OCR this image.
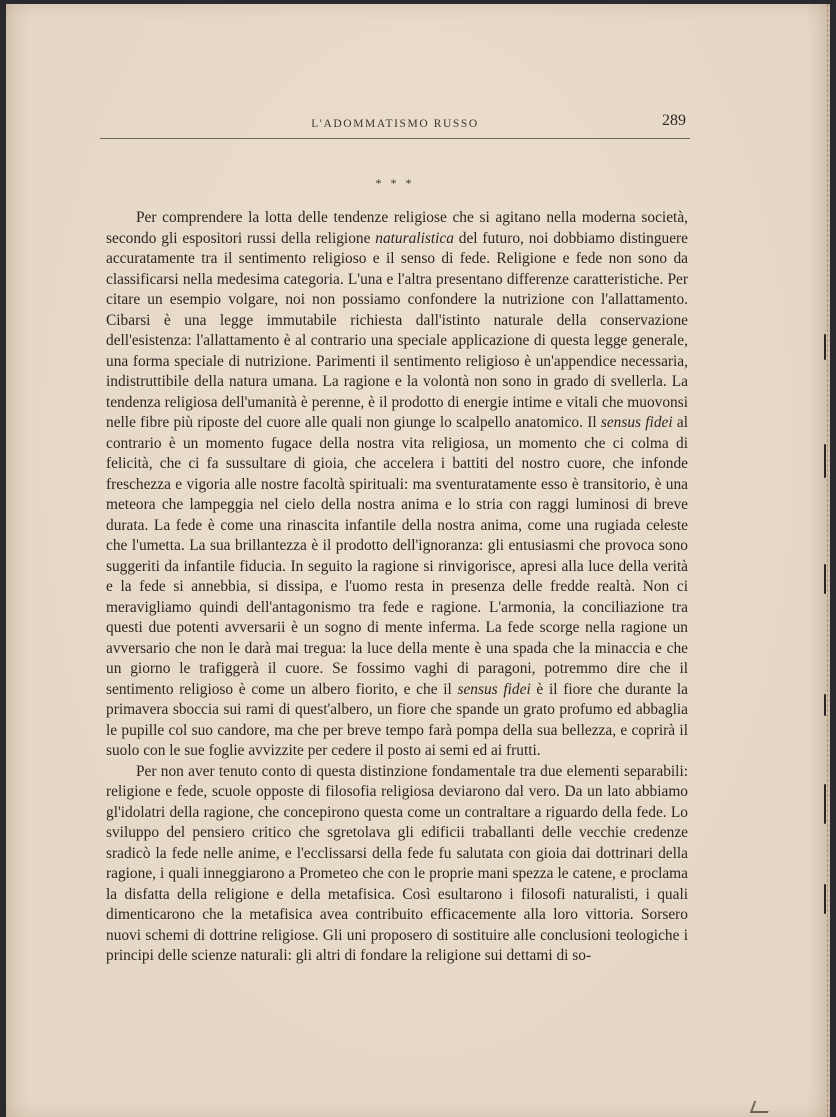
L'ADOMMATISMO RUSSO	289
* * *

Per comprendere la lotta delle tendenze religiose che si agitano nella moderna società, secondo gli espositori russi della religione naturalistica del futuro, noi dobbiamo distinguere accuratamente tra il sentimento religioso e il senso di fede. Religione e fede non sono da classificarsi nella medesima categoria. L'una e l'altra presentano differenze caratteristiche. Per citare un esempio volgare, noi non possiamo confondere la nutrizione con l'allattamento. Cibarsi è una legge immutabile richiesta dall'istinto naturale della conservazione dell'esistenza: l'allattamento è al contrario una speciale applicazione di questa legge generale, una forma speciale di nutrizione. Parimenti il sentimento religioso è un'appendice necessaria, indistruttibile della natura umana. La ragione e la volontà non sono in grado di svellerla. La tendenza religiosa dell'umanità è perenne, è il prodotto di energie intime e vitali che muovonsi nelle fibre più riposte del cuore alle quali non giunge lo scalpello anatomico. Il sensus fidei al contrario è un momento fugace della nostra vita religiosa, un momento che ci colma di felicità, che ci fa sussultare di gioia, che accelera i battiti del nostro cuore, che infonde freschezza e vigoria alle nostre facoltà spirituali: ma sventuratamente esso è transitorio, è una meteora che lampeggia nel cielo della nostra anima e lo stria con raggi luminosi di breve durata. La fede è come una rinascita infantile della nostra anima, come una rugiada celeste che l'umetta. La sua brillantezza è il prodotto dell'ignoranza: gli entusiasmi che provoca sono suggeriti da infantile fiducia. In seguito la ragione si rinvigorisce, apresi alla luce della verità e la fede si annebbia, si dissipa, e l'uomo resta in presenza delle fredde realtà. Non ci meravigliamo quindi dell'antagonismo tra fede e ragione. L'armonia, la conciliazione tra questi due potenti avversarii è un sogno di mente inferma. La fede scorge nella ragione un avversario che non le darà mai tregua: la luce della mente è una spada che la minaccia e che un giorno le trafiggerà il cuore. Se fossimo vaghi di paragoni, potremmo dire che il sentimento religioso è come un albero fiorito, e che il sensus fidei è il fiore che durante la primavera sboccia sui rami di quest'albero, un fiore che spande un grato profumo ed abbaglia le pupille col suo candore, ma che per breve tempo farà pompa della sua bellezza, e coprirà il suolo con le sue foglie avvizzite per cedere il posto ai semi ed ai frutti.

Per non aver tenuto conto di questa distinzione fondamentale tra due elementi separabili: religione e fede, scuole opposte di filosofia religiosa deviarono dal vero. Da un lato abbiamo gl'idolatri della ragione, che concepirono questa come un contraltare a riguardo della fede. Lo sviluppo del pensiero critico che sgretolava gli edificii traballanti delle vecchie credenze sradicò la fede nelle anime, e l'ecclissarsi della fede fu salutata con gioia dai dottrinari della ragione, i quali inneggiarono a Prometeo che con le proprie mani spezza le catene, e proclama la disfatta della religione e della metafisica. Così esultarono i filosofi naturalisti, i quali dimenticarono che la metafisica avea contribuito efficacemente alla loro vittoria. Sorsero nuovi schemi di dottrine religiose. Gli uni proposero di sostituire alle conclusioni teologiche i principi delle scienze naturali: gli altri di fondare la religione sui dettami di so-
